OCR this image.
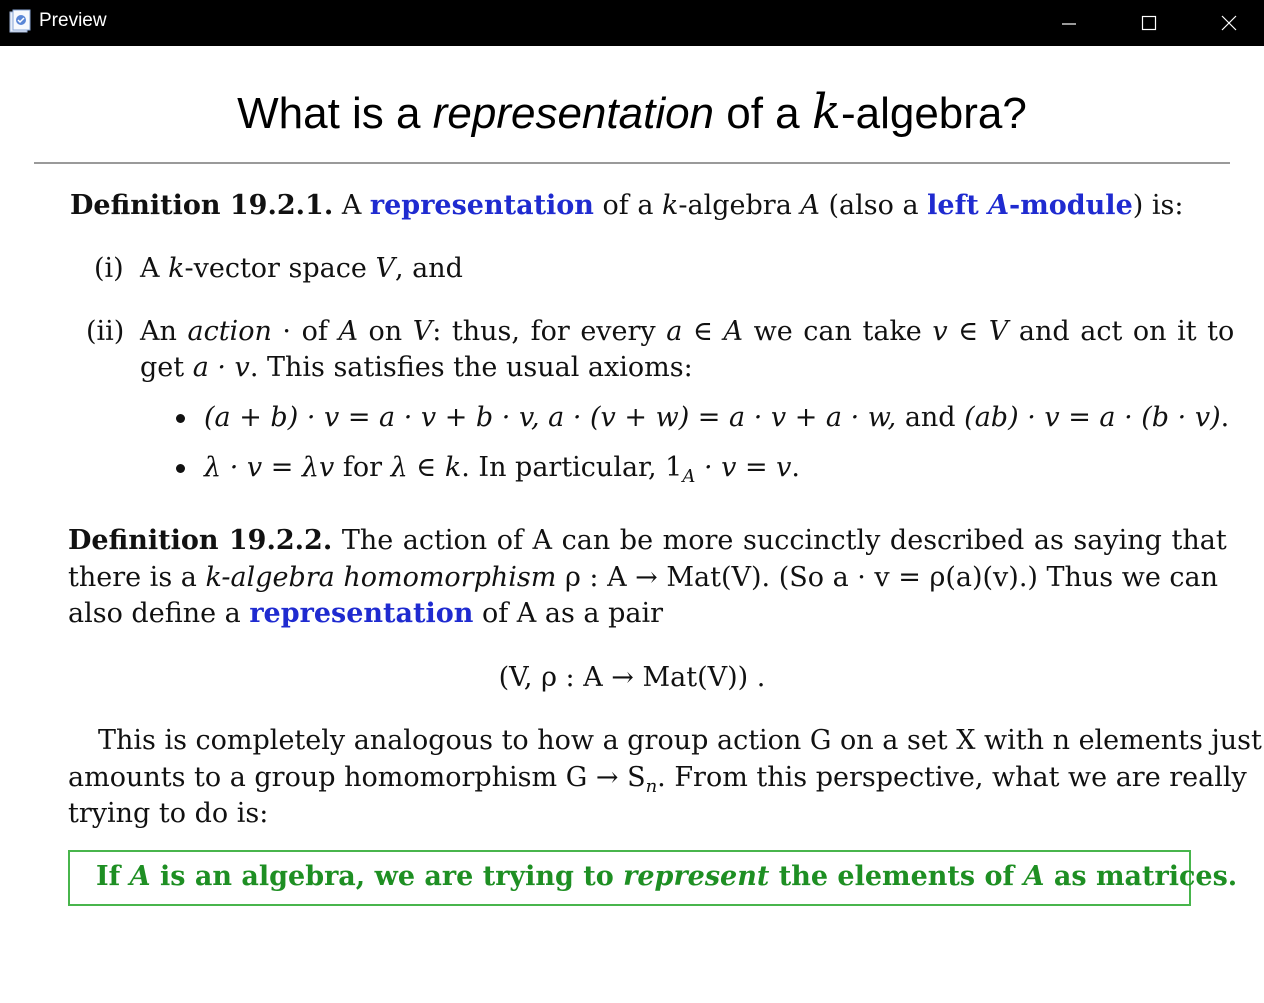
Preview
What is a representation of a k-algebra?
Definition 19.2.1. A representation of a k-algebra A (also a left A-module) is:
(i) A k-vector space V, and
(ii) An action · of A on V: thus, for every a ∈ A we can take v ∈ V and act on it to
get a · v. This satisfies the usual axioms:
(a + b) · v = a · v + b · v, a · (v + w) = a · v + a · w, and (ab) · v = a · (b · v).
λ · v = λv for λ ∈ k. In particular, $1_A \cdot v = v$.
Definition 19.2.2. The action of A can be more succinctly described as saying that
there is a k-algebra homomorphism ρ : A → Mat(V). (So a · v = ρ(a)(v).) Thus we can
also define a representation of A as a pair
(V, ρ : A → Mat(V)) .
This is completely analogous to how a group action G on a set X with n elements just
amounts to a group homomorphism $G \to S_n$. From this perspective, what we are really
trying to do is:
If A is an algebra, we are trying to represent the elements of A as matrices.
